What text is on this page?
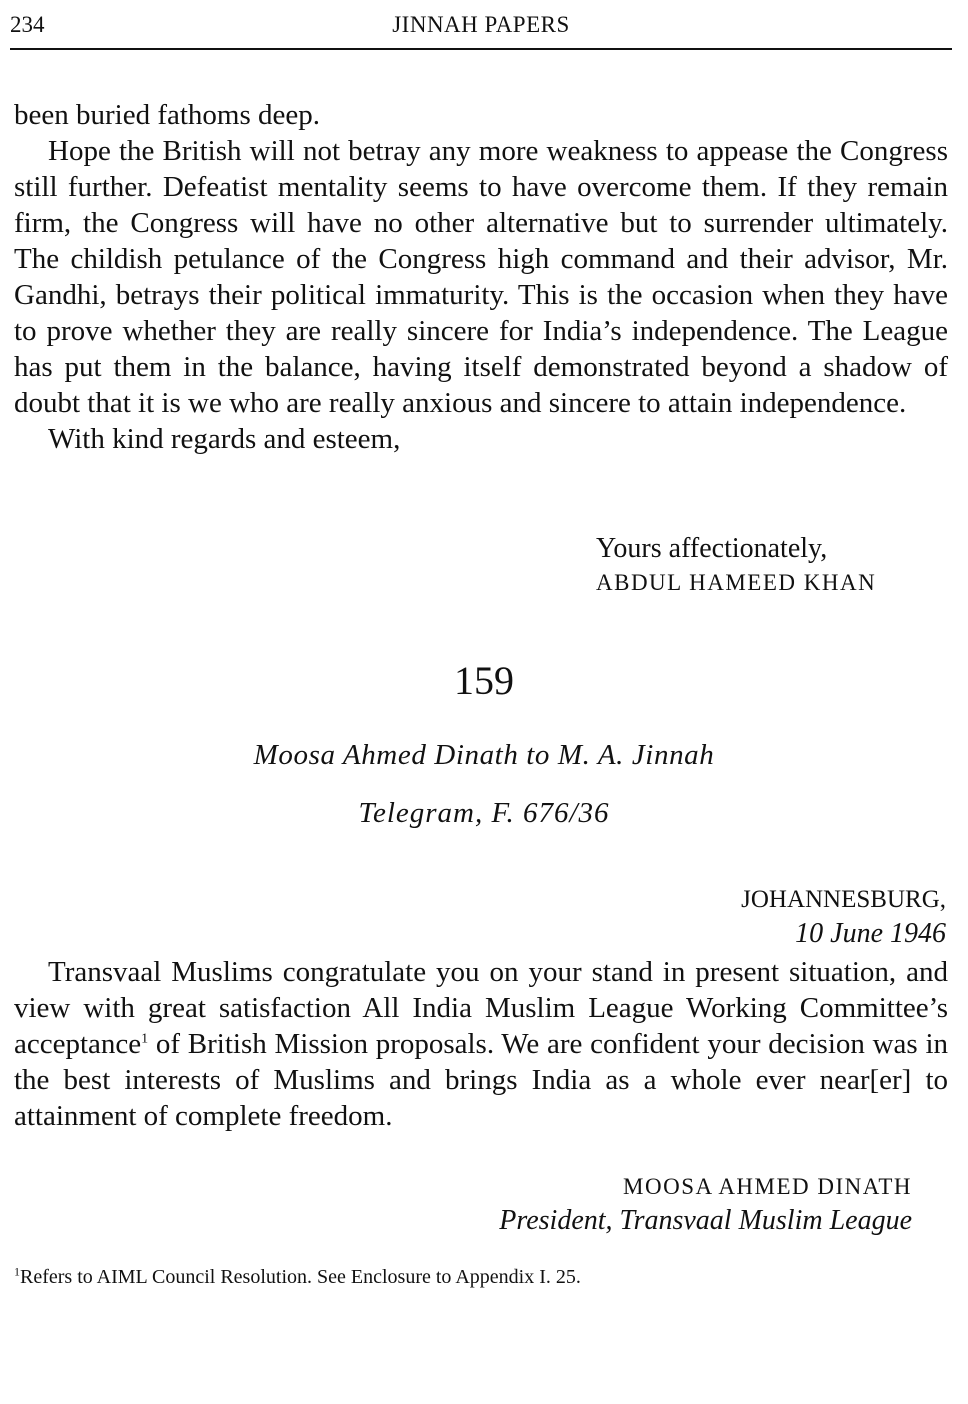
234	JINNAH PAPERS
been buried fathoms deep.
Hope the British will not betray any more weakness to appease the Congress still further. Defeatist mentality seems to have overcome them. If they remain firm, the Congress will have no other alternative but to surrender ultimately. The childish petulance of the Congress high command and their advisor, Mr. Gandhi, betrays their political immaturity. This is the occasion when they have to prove whether they are really sincere for India’s independence. The League has put them in the balance, having itself demonstrated beyond a shadow of doubt that it is we who are really anxious and sincere to attain independence.
With kind regards and esteem,
Yours affectionately,
ABDUL HAMEED KHAN
159
Moosa Ahmed Dinath to M. A. Jinnah
Telegram, F. 676/36
JOHANNESBURG,
10 June 1946
Transvaal Muslims congratulate you on your stand in present situation, and view with great satisfaction All India Muslim League Working Committee’s acceptance$^1$ of British Mission proposals. We are confident your decision was in the best interests of Muslims and brings India as a whole ever near[er] to attainment of complete freedom.
MOOSA AHMED DINATH
President, Transvaal Muslim League
$^1$Refers to AIML Council Resolution. See Enclosure to Appendix I. 25.
